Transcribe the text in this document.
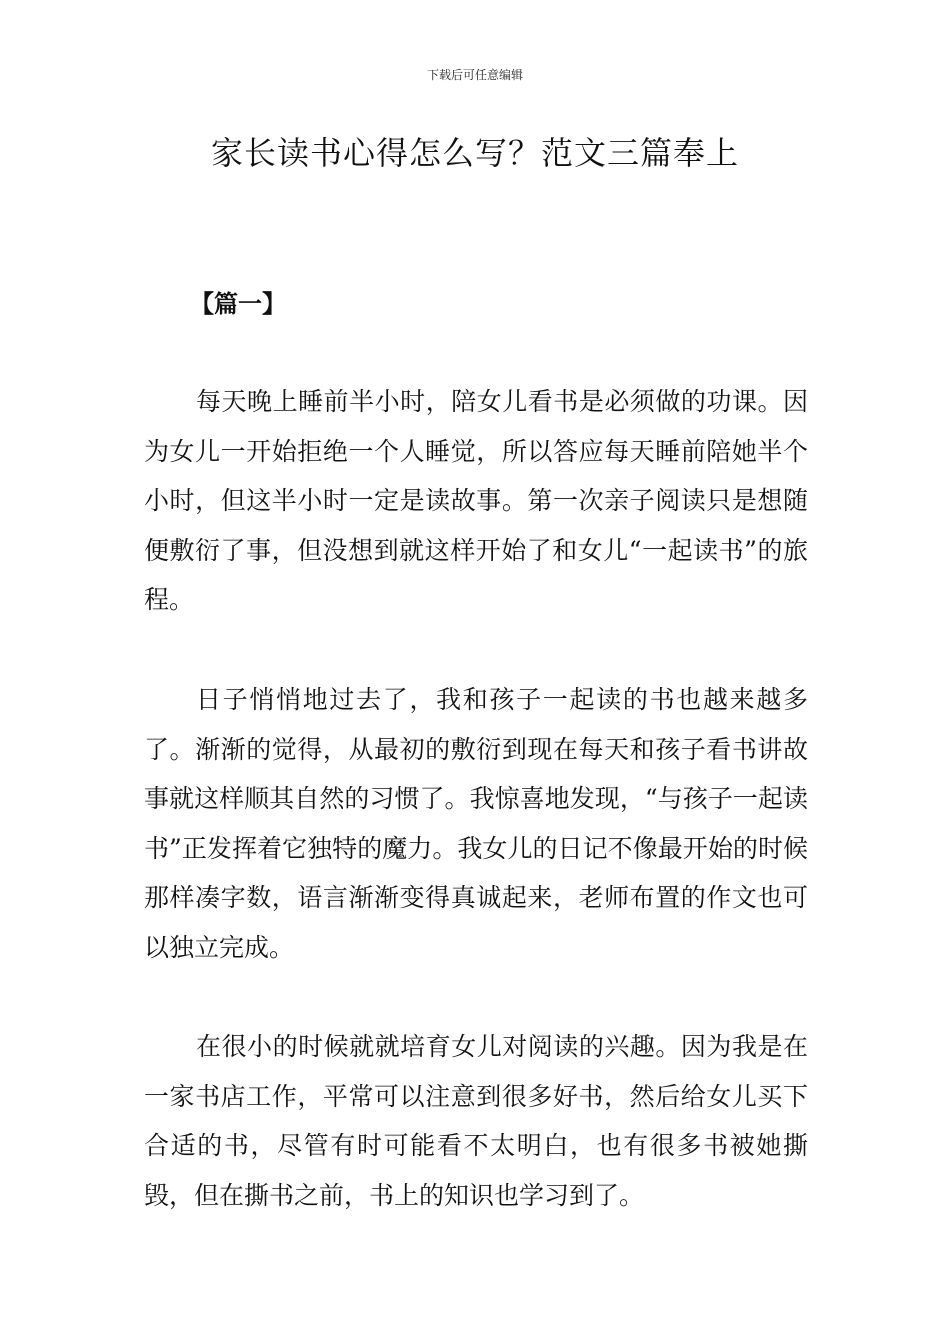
下载后可任意编辑
家长读书心得怎么写？范文三篇奉上
【篇一】

每天晚上睡前半小时，陪女儿看书是必须做的功课。因为女儿一开始拒绝一个人睡觉，所以答应每天睡前陪她半个小时，但这半小时一定是读故事。第一次亲子阅读只是想随便敷衍了事，但没想到就这样开始了和女儿“一起读书”的旅程。

日子悄悄地过去了，我和孩子一起读的书也越来越多了。渐渐的觉得，从最初的敷衍到现在每天和孩子看书讲故事就这样顺其自然的习惯了。我惊喜地发现，“与孩子一起读书”正发挥着它独特的魔力。我女儿的日记不像最开始的时候那样凑字数，语言渐渐变得真诚起来，老师布置的作文也可以独立完成。

在很小的时候就就培育女儿对阅读的兴趣。因为我是在一家书店工作，平常可以注意到很多好书，然后给女儿买下合适的书，尽管有时可能看不太明白，也有很多书被她撕毁，但在撕书之前，书上的知识也学习到了。
